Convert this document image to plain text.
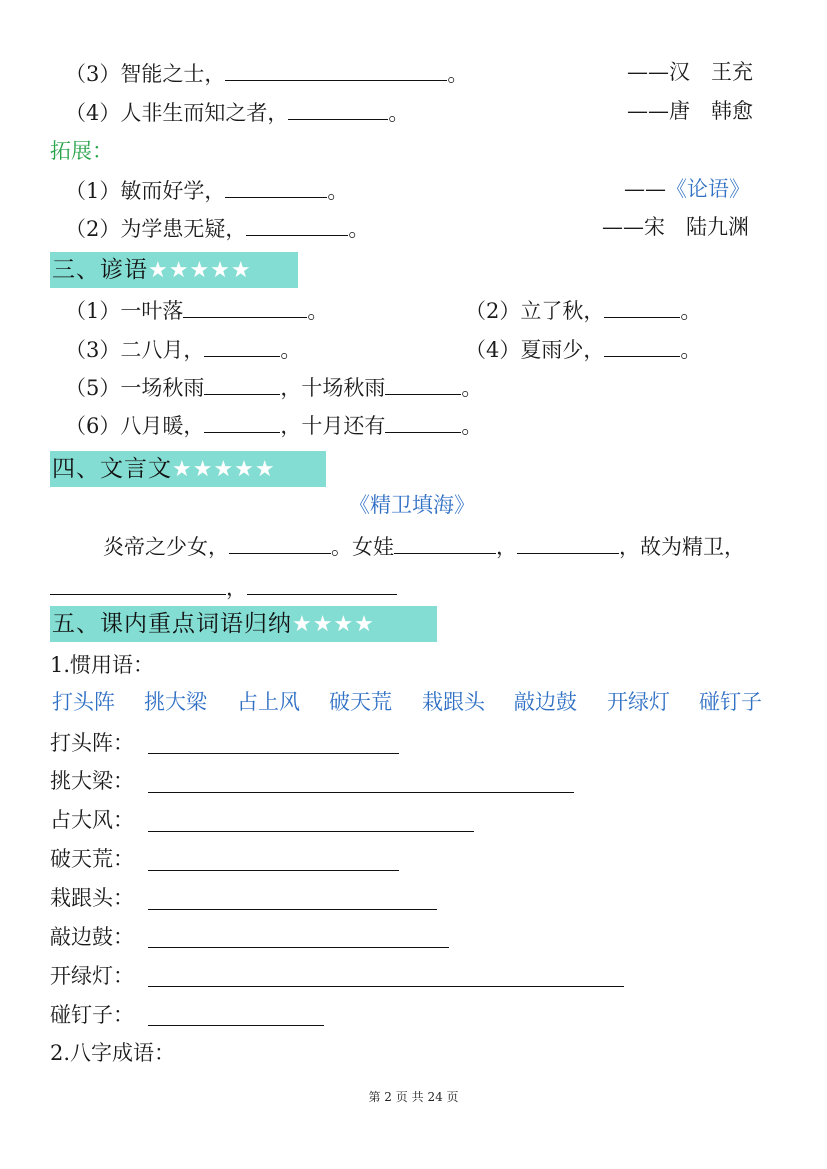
（3）智能之士，	。	——汉　王充
（4）人非生而知之者，	。	——唐　韩愈
拓展：
（1）敏而好学，	。	——《论语》
（2）为学患无疑，	。	——宋　陆九渊
三、谚语★★★★★
（1）一叶落	。	（2）立了秋，	。
（3）二八月，	。	（4）夏雨少，	。
（5）一场秋雨	，十场秋雨	。
（6）八月暖，	，十月还有	。
四、文言文★★★★★
《精卫填海》
炎帝之少女，	。女娃	，	，故为精卫，
，
五、课内重点词语归纳★★★★
1.惯用语：
打头阵 挑大梁 占上风 破天荒 栽跟头 敲边鼓 开绿灯 碰钉子
打头阵：
挑大梁：
占大风：
破天荒：
栽跟头：
敲边鼓：
开绿灯：
碰钉子：
2.八字成语：
第 2 页 共 24 页
